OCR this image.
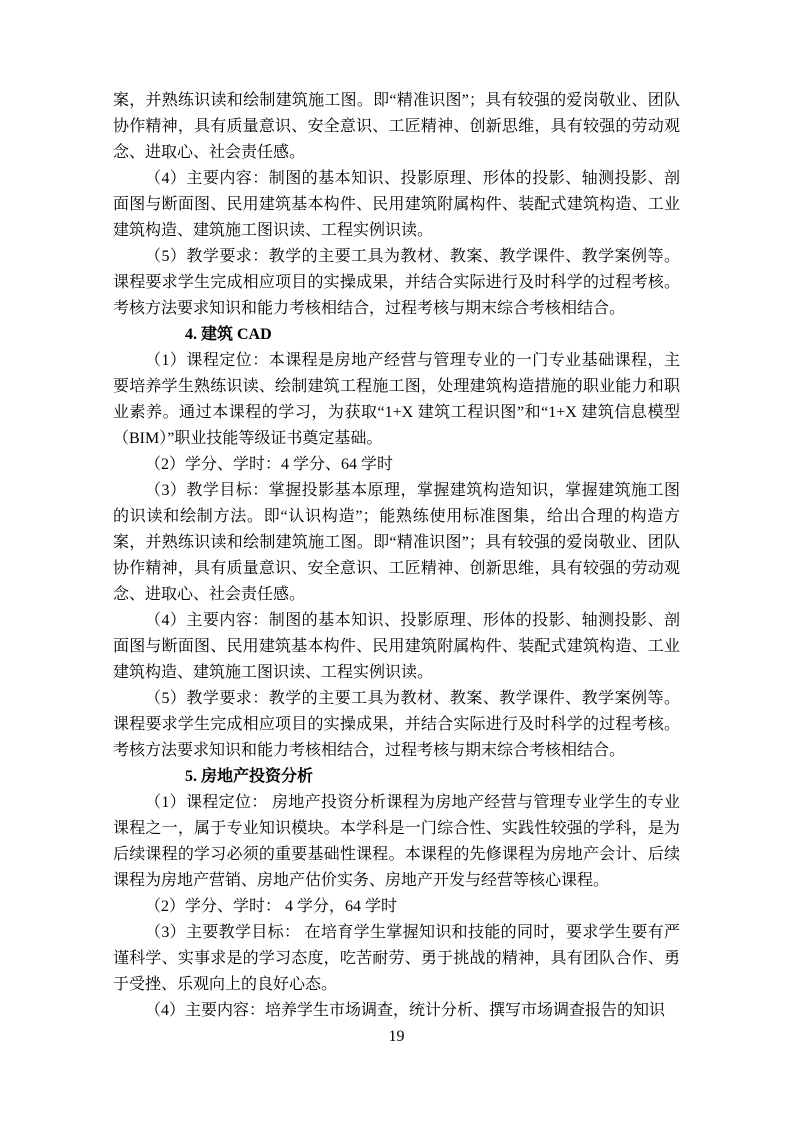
案，并熟练识读和绘制建筑施工图。即“精准识图”；具有较强的爱岗敬业、团队协作精神，具有质量意识、安全意识、工匠精神、创新思维，具有较强的劳动观念、进取心、社会责任感。

（4）主要内容：制图的基本知识、投影原理、形体的投影、轴测投影、剖面图与断面图、民用建筑基本构件、民用建筑附属构件、装配式建筑构造、工业建筑构造、建筑施工图识读、工程实例识读。

（5）教学要求：教学的主要工具为教材、教案、教学课件、教学案例等。课程要求学生完成相应项目的实操成果，并结合实际进行及时科学的过程考核。考核方法要求知识和能力考核相结合，过程考核与期末综合考核相结合。

4. 建筑 CAD

（1）课程定位：本课程是房地产经营与管理专业的一门专业基础课程，主要培养学生熟练识读、绘制建筑工程施工图，处理建筑构造措施的职业能力和职业素养。通过本课程的学习，为获取“1+X 建筑工程识图”和“1+X 建筑信息模型（BIM）”职业技能等级证书奠定基础。

（2）学分、学时：4 学分、64 学时

（3）教学目标：掌握投影基本原理，掌握建筑构造知识，掌握建筑施工图的识读和绘制方法。即“认识构造”；能熟练使用标准图集，给出合理的构造方案，并熟练识读和绘制建筑施工图。即“精准识图”；具有较强的爱岗敬业、团队协作精神，具有质量意识、安全意识、工匠精神、创新思维，具有较强的劳动观念、进取心、社会责任感。

（4）主要内容：制图的基本知识、投影原理、形体的投影、轴测投影、剖面图与断面图、民用建筑基本构件、民用建筑附属构件、装配式建筑构造、工业建筑构造、建筑施工图识读、工程实例识读。

（5）教学要求：教学的主要工具为教材、教案、教学课件、教学案例等。课程要求学生完成相应项目的实操成果，并结合实际进行及时科学的过程考核。考核方法要求知识和能力考核相结合，过程考核与期末综合考核相结合。

5. 房地产投资分析

（1）课程定位： 房地产投资分析课程为房地产经营与管理专业学生的专业课程之一，属于专业知识模块。本学科是一门综合性、实践性较强的学科，是为后续课程的学习必须的重要基础性课程。本课程的先修课程为房地产会计、后续课程为房地产营销、房地产估价实务、房地产开发与经营等核心课程。

（2）学分、学时： 4 学分，64 学时

（3）主要教学目标： 在培育学生掌握知识和技能的同时，要求学生要有严谨科学、实事求是的学习态度，吃苦耐劳、勇于挑战的精神，具有团队合作、勇于受挫、乐观向上的良好心态。

（4）主要内容：培养学生市场调查，统计分析、撰写市场调查报告的知识

19
